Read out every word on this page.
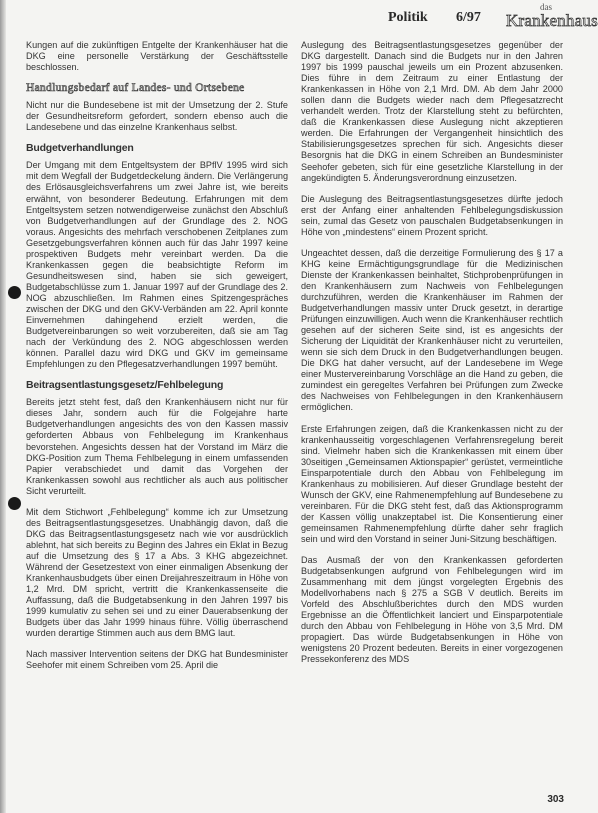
Politik 6/97
das
Krankenhaus

Kungen auf die zukünftigen Entgelte der Krankenhäuser hat die DKG eine personelle Verstärkung der Geschäftsstelle beschlossen.

Handlungsbedarf auf Landes- und Ortsebene

Nicht nur die Bundesebene ist mit der Umsetzung der 2. Stufe der Gesundheitsreform gefordert, sondern ebenso auch die Landesebene und das einzelne Krankenhaus selbst.

Budgetverhandlungen

Der Umgang mit dem Entgeltsystem der BPflV 1995 wird sich mit dem Wegfall der Budgetdeckelung ändern. Die Verlängerung des Erlösausgleichsverfahrens um zwei Jahre ist, wie bereits erwähnt, von besonderer Bedeutung. Erfahrungen mit dem Entgeltsystem setzen notwendigerweise zunächst den Abschluß von Budgetverhandlungen auf der Grundlage des 2. NOG voraus. Angesichts des mehrfach verschobenen Zeitplanes zum Gesetzgebungsverfahren können auch für das Jahr 1997 keine prospektiven Budgets mehr vereinbart werden. Da die Krankenkassen gegen die beabsichtigte Reform im Gesundheitswesen sind, haben sie sich geweigert, Budgetabschlüsse zum 1. Januar 1997 auf der Grundlage des 2. NOG abzuschließen. Im Rahmen eines Spitzengespräches zwischen der DKG und den GKV-Verbänden am 22. April konnte Einvernehmen dahingehend erzielt werden, die Budgetvereinbarungen so weit vorzubereiten, daß sie am Tag nach der Verkündung des 2. NOG abgeschlossen werden können. Parallel dazu wird DKG und GKV im gemeinsame Empfehlungen zu den Pflegesatzverhandlungen 1997 bemüht.

Beitragsentlastungsgesetz/Fehlbelegung

Bereits jetzt steht fest, daß den Krankenhäusern nicht nur für dieses Jahr, sondern auch für die Folgejahre harte Budgetverhandlungen angesichts des von den Kassen massiv geforderten Abbaus von Fehlbelegung im Krankenhaus bevorstehen. Angesichts dessen hat der Vorstand im März die DKG-Position zum Thema Fehlbelegung in einem umfassenden Papier verabschiedet und damit das Vorgehen der Krankenkassen sowohl aus rechtlicher als auch aus politischer Sicht verurteilt.

Mit dem Stichwort „Fehlbelegung“ komme ich zur Umsetzung des Beitragsentlastungsgesetzes. Unabhängig davon, daß die DKG das Beitragsentlastungsgesetz nach wie vor ausdrücklich ablehnt, hat sich bereits zu Beginn des Jahres ein Eklat in Bezug auf die Umsetzung des § 17 a Abs. 3 KHG abgezeichnet. Während der Gesetzestext von einer einmaligen Absenkung der Krankenhausbudgets über einen Dreijahreszeitraum in Höhe von 1,2 Mrd. DM spricht, vertritt die Krankenkassenseite die Auffassung, daß die Budgetabsenkung in den Jahren 1997 bis 1999 kumulativ zu sehen sei und zu einer Dauerabsenkung der Budgets über das Jahr 1999 hinaus führe. Völlig überraschend wurden derartige Stimmen auch aus dem BMG laut.

Nach massiver Intervention seitens der DKG hat Bundesminister Seehofer mit einem Schreiben vom 25. April die

Auslegung des Beitragsentlastungsgesetzes gegenüber der DKG dargestellt. Danach sind die Budgets nur in den Jahren 1997 bis 1999 pauschal jeweils um ein Prozent abzusenken. Dies führe in dem Zeitraum zu einer Entlastung der Krankenkassen in Höhe von 2,1 Mrd. DM. Ab dem Jahr 2000 sollen dann die Budgets wieder nach dem Pflegesatzrecht verhandelt werden. Trotz der Klarstellung steht zu befürchten, daß die Krankenkassen diese Auslegung nicht akzeptieren werden. Die Erfahrungen der Vergangenheit hinsichtlich des Stabilisierungsgesetzes sprechen für sich. Angesichts dieser Besorgnis hat die DKG in einem Schreiben an Bundesminister Seehofer gebeten, sich für eine gesetzliche Klarstellung in der angekündigten 5. Änderungsverordnung einzusetzen.

Die Auslegung des Beitragsentlastungsgesetzes dürfte jedoch erst der Anfang einer anhaltenden Fehlbelegungsdiskussion sein, zumal das Gesetz von pauschalen Budgetabsenkungen in Höhe von „mindestens“ einem Prozent spricht.

Ungeachtet dessen, daß die derzeitige Formulierung des § 17 a KHG keine Ermächtigungsgrundlage für die Medizinischen Dienste der Krankenkassen beinhaltet, Stichprobenprüfungen in den Krankenhäusern zum Nachweis von Fehlbelegungen durchzuführen, werden die Krankenhäuser im Rahmen der Budgetverhandlungen massiv unter Druck gesetzt, in derartige Prüfungen einzuwilligen. Auch wenn die Krankenhäuser rechtlich gesehen auf der sicheren Seite sind, ist es angesichts der Sicherung der Liquidität der Krankenhäuser nicht zu verurteilen, wenn sie sich dem Druck in den Budgetverhandlungen beugen. Die DKG hat daher versucht, auf der Landesebene im Wege einer Mustervereinbarung Vorschläge an die Hand zu geben, die zumindest ein geregeltes Verfahren bei Prüfungen zum Zwecke des Nachweises von Fehlbelegungen in den Krankenhäusern ermöglichen.

Erste Erfahrungen zeigen, daß die Krankenkassen nicht zu der krankenhausseitig vorgeschlagenen Verfahrensregelung bereit sind. Vielmehr haben sich die Krankenkassen mit einem über 30seitigen „Gemeinsamen Aktionspapier“ gerüstet, vermeintliche Einsparpotentiale durch den Abbau von Fehlbelegung im Krankenhaus zu mobilisieren. Auf dieser Grundlage besteht der Wunsch der GKV, eine Rahmenempfehlung auf Bundesebene zu vereinbaren. Für die DKG steht fest, daß das Aktionsprogramm der Kassen völlig unakzeptabel ist. Die Konsentierung einer gemeinsamen Rahmenempfehlung dürfte daher sehr fraglich sein und wird den Vorstand in seiner Juni-Sitzung beschäftigen.

Das Ausmaß der von den Krankenkassen geforderten Budgetabsenkungen aufgrund von Fehlbelegungen wird im Zusammenhang mit dem jüngst vorgelegten Ergebnis des Modellvorhabens nach § 275 a SGB V deutlich. Bereits im Vorfeld des Abschlußberichtes durch den MDS wurden Ergebnisse an die Öffentlichkeit lanciert und Einsparpotentiale durch den Abbau von Fehlbelegung in Höhe von 3,5 Mrd. DM propagiert. Das würde Budgetabsenkungen in Höhe von wenigstens 20 Prozent bedeuten. Bereits in einer vorgezogenen Pressekonferenz des MDS

303
